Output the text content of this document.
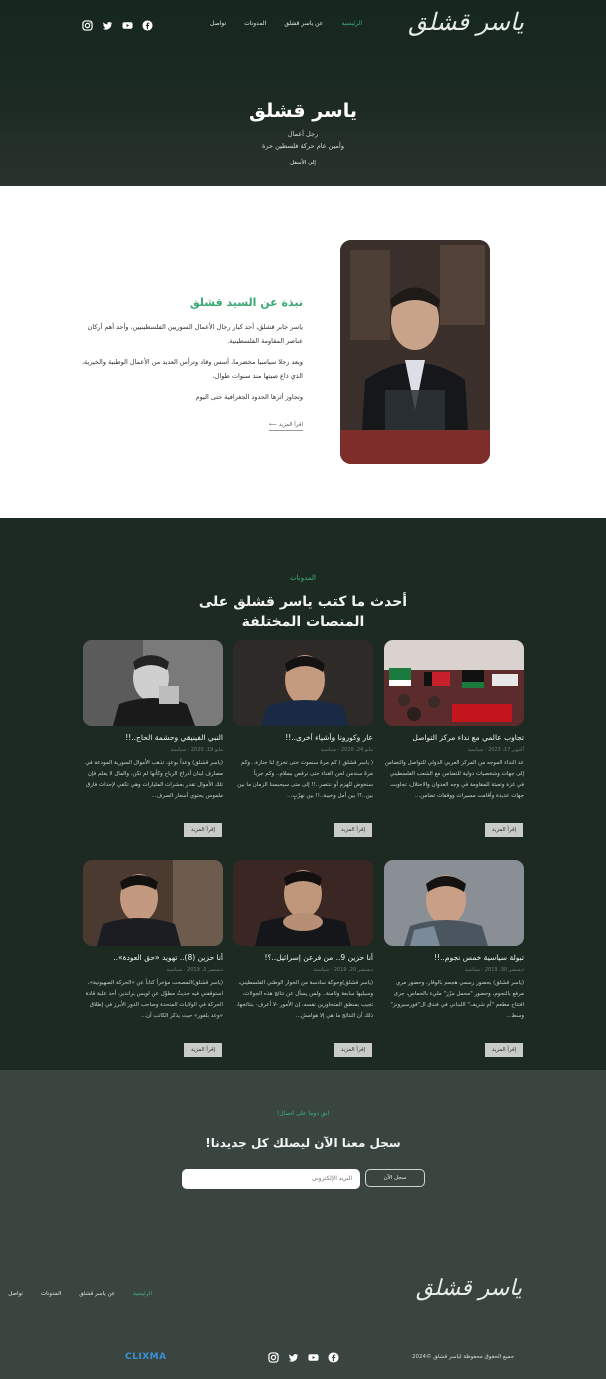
ياسر قشلق
الرئيسية
عن ياسر قشلق
المدونات
تواصل
ياسر قشلق
رجل أعمال
وأمين عام حركة فلسطين حرة
إلى الأسفل
نبذة عن السيد قشلق

ياسر جابر قشلق، أحد كبار رجال الأعمال السوريين الفلسطينيين، وأحد أهم أركان عناصر المقاومة الفلسطينية.

ويعد رجلا سياسيا مخضرما، أسس وقاد وترأس العديد من الأعمال الوطنية والخيرية، الذي ذاع صيتها منذ سنوات طوال،

وتجاوز أثرها الحدود الجغرافية حتى اليوم

اقرأ المزيد ⟵
المدونات
أحدث ما كتب ياسر قشلق على المنصات المختلفة
تجاوب عالمي مع نداء مركز التواصل
أكتوبر 17، 2023 · سياسية
عد النداء الموجه من المركز العربي الدولي للتواصل والتضامن إلى جهات وشخصيات دولية للتضامن مع الشعب الفلسطيني في غزة وتعبئة للمقاومة في وجه العدوان والاحتلال، تجاوبت جهات عديدة وأقامت مسيرات ووقفات تضامن...
إقرأ المزيد
عار وكورونا وأشياء أخرى..!!
مايو 24، 2020 · سياسية
( ياسر قشلق ) كم مرةً سنموت حتى تخرج لنا جنازة.. وكم مرةً سندمن لحن الغناء حتى نرقص بسلام.. وكم جرباً سنخوض لنُهزم أو ننتصر..!! إلى متى سيحبسنا الزمان ما بين بين..؟! بين أمل وخيبة..!! بين تهرّبٍ...
إقرأ المزيد
النبي الفينيقي وحشمة الحاج..!!
مايو 19، 2020 · سياسية
(ياسر قشلق) وعداً بوعدٍ، تذهب الأموال السورية المودعة في مصارف لبنان أدراج الرياح وكأنها لم تكن، والمال لا يعلم فإن تلك الأموال تقدر بعشرات المليارات وهي تكفي لإحداث فارق ملموس يحتوي أسعار الصرف...
إقرأ المزيد
تبولة سياسية خمس نجوم..!!
ديسمبر 30، 2019 · سياسية
(ياسر قشلق) بحضور رسمي هجمم بالوقار، وحضور مري مرفع بالنجوم، وحضور "محمل مرّز" مليء بالحماس، جرى افتتاح مطعم "أم شريف" اللبناني في فندق ال"فورسيزونز" وسط...
إقرأ المزيد
أنا حزين 9.. من فرعن إسرائيل..؟!
ديسمبر 20، 2019 · سياسية
(ياسر قشلق)وحوكة سادسة من الحوار الوطني الفلسطيني، وسيليها سابعة وثامنة.. ولمن يسأل عن نتائج هذه الجولات، تجيب بمنطق المتحاورين نفسه، إن الأمور -لا أعرف- بنتائجها، ذلك أن النتائج ما هي إلا هوامش...
إقرأ المزيد
أنا حزين (8).. تهويد «حق العودة»..
ديسمبر 3، 2019 · سياسية
(ياسر قشلق)المصحت مؤخراً كتاباً عن «الحركة الصهيونية»، استوقفني فيه حديثٌ مطوّل عن لويس براندير، أحد علبة قادة الحركة في الولايات المتحدة وصاحب الدور الأبرز في إطلاق «وعد بلفور» حيث يذكر الكاتب أن...
إقرأ المزيد
ابق دوما على اتصال!
سجل معنا الآن ليصلك كل جديدنا!
البريد الإلكتروني
سجل الآن
ياسر قشلق
الرئيسية
عن ياسر قشلق
المدونات
تواصل
جميع الحقوق محفوظة لياسر قشلق ©2024
CLIXMA
